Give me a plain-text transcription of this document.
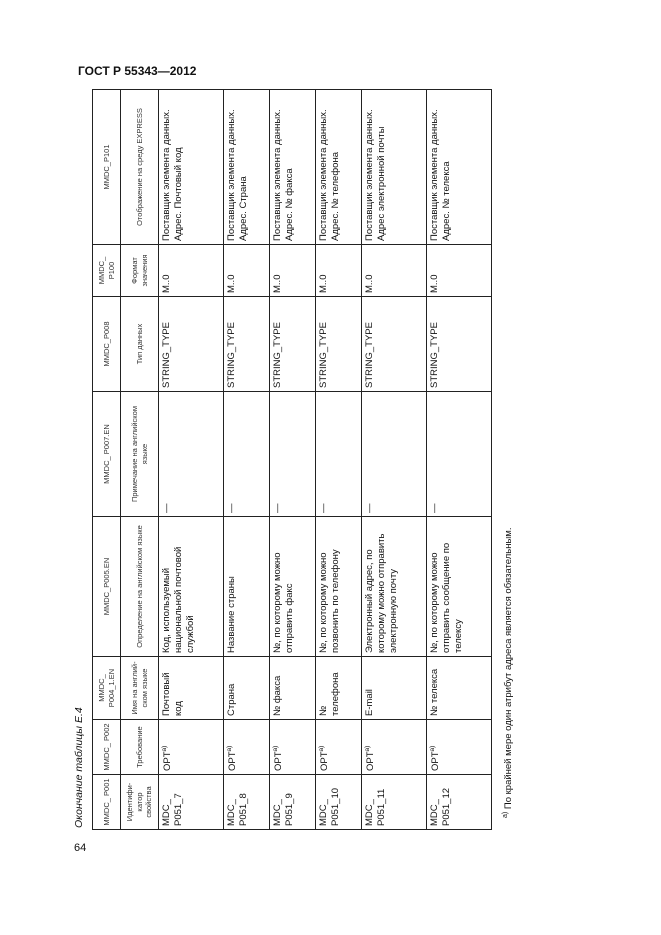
ГОСТ Р 55343—2012
64
Окончание таблицы Е.4 MMDC_ P001	MMDC_ P002	MMDC_ P004_1.EN	MMDC_P005.EN	MMDC_ P007.EN	MMDC_P008	MMDC_ P100	MMDC_P101
Идентифи- катор свойства	Требование	Имя на англий- ском языке	Определение на английском языке	Примечание на английском языке	Тип данных	Формат значения	Отображение на среду EXPRESS
MDC_ P051_7	$OPT^{а)}$	Почтовый код	Код, используемый национальной почтовой службой	—	STRING_TYPE	M..0	Поставщик элемента данных. Адрес. Почтовый код
MDC_ P051_8	$OPT^{а)}$	Страна	Название страны	—	STRING_TYPE	M..0	Поставщик элемента данных. Адрес. Страна
MDC_ P051_9	$OPT^{а)}$	№ факса	№, по которому можно отправить факс	—	STRING_TYPE	M..0	Поставщик элемента данных. Адрес. № факса
MDC_ P051_10	$OPT^{а)}$	№ телефона	№, по которому можно позвонить по телефону	—	STRING_TYPE	M..0	Поставщик элемента данных. Адрес. № телефона
MDC_ P051_11	$OPT^{а)}$	E-mail	Электронный адрес, по которому можно отправить электронную почту	—	STRING_TYPE	M..0	Поставщик элемента данных. Адрес электронной почты
MDC_ P051_12	$OPT^{а)}$	№ телекса	№, по которому можно отправить сообщение по телексу	—	STRING_TYPE	M..0	Поставщик элемента данных. Адрес. № телекса
$^{а)}$ По крайней мере один атрибут адреса является обязательным.
